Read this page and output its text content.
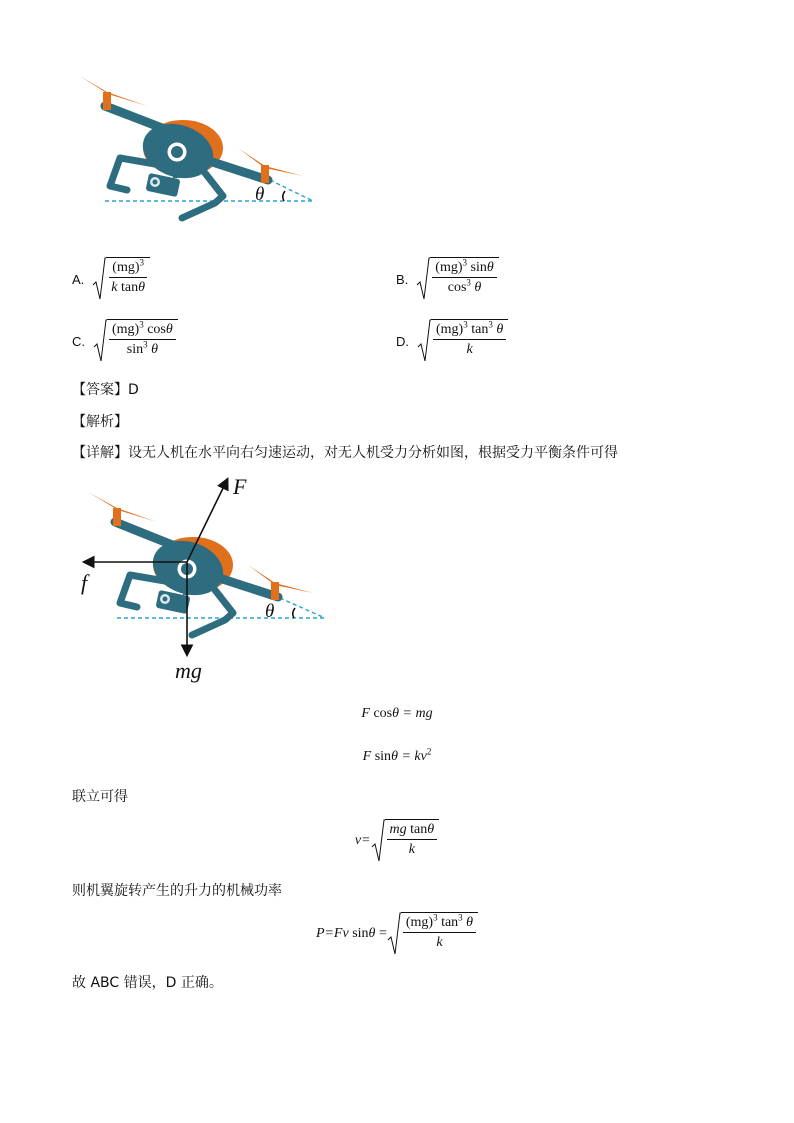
θ
A. $\frac{(mg)^3}{\text{k tanθ}}$	B. $\frac{(mg)^3 \sin\theta}{\cos^3 \theta}$
C. $\frac{(mg)^3 \cos\theta}{\sin^3 \theta}$	D. $\frac{(mg)^3 \tan^3 \theta}{k}$
【答案】D
【解析】
【详解】设无人机在水平向右匀速运动，对无人机受力分析如图，根据受力平衡条件可得
F
f
mg
θ
F cosθ = mg
F $\sin\theta = kv^2$
联立可得
$v= \frac{\text{mg tanθ}}{k}$
则机翼旋转产生的升力的机械功率
P=Fv
sin θ
= $\frac{(mg)^3 \tan^3 \theta}{k}$
故 ABC 错误，D 正确。
